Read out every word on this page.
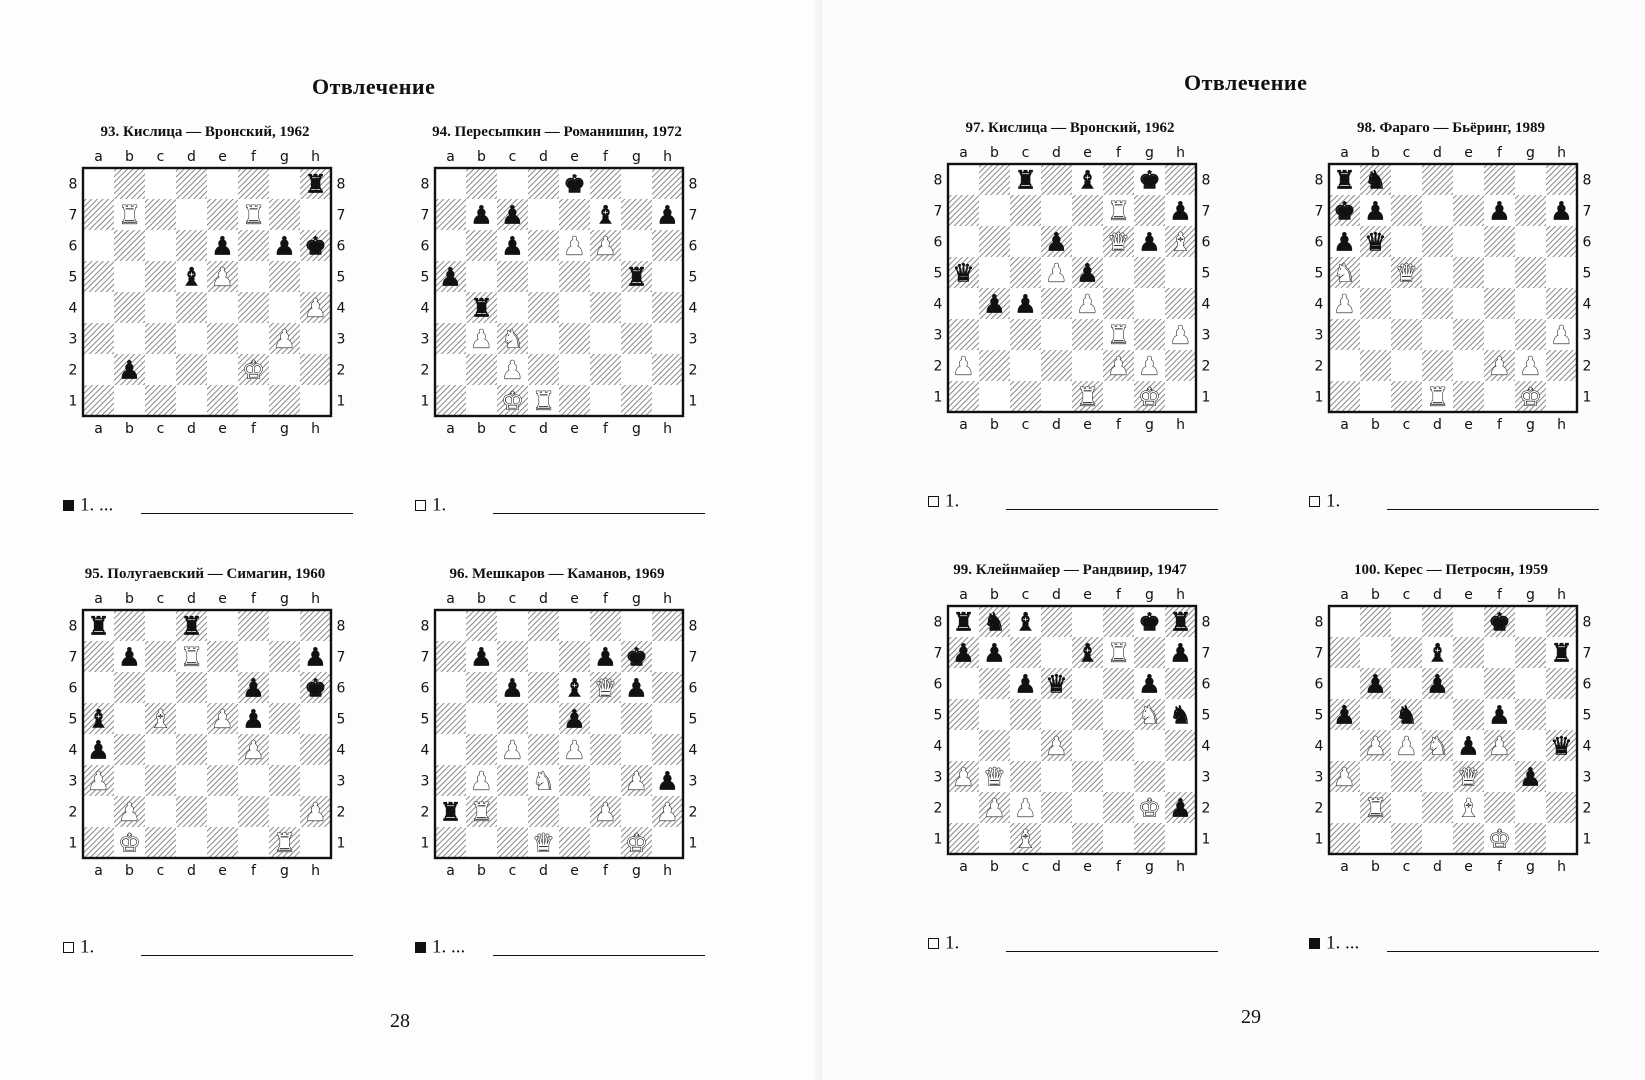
Отвлечение
93. Кислица — Вронский, 1962
a
a
b
b
c
c
d
d
e
e
f
f
g
g
h
h
8	8
7	7
6	6
5	5
4	4
3	3
2	2
1	1
♜	♜
♝ ♟
♟ ♟ ♚
♜
♟
♟
♟	♚
1. ...
94. Пересыпкин — Романишин, 1972
a
a
b
b
c
c
d
d
e
e
f
f
g
g
h
h
8	8
7	7
6	6
5	5
4	4
3	3
2	2
1	1
♚
♟ ♟	♝ ♟
♟ ♟ ♟
♟	♜
♜
♟ ♞
♟
♚ ♜
1.
95. Полугаевский — Симагин, 1960
a
a
b
b
c
c
d
d
e
e
f
f
g
g
h
h
8	8
7	7
6	6
5	5
4	4
3	3
2	2
1	1
♜	♜
♟ ♜	♟
♟ ♚
♝ ♝ ♟ ♟
♟	♟
♟
♟	♟
♚	♜
1.
96. Мешкаров — Каманов, 1969
a
a
b
b
c
c
d
d
e
e
f
f
g
g
h
h
8	8
7	7
6	6
5	5
4	4
3	3
2	2
1	1
♟	♟ ♚
♟ ♝ ♛ ♟
♟
♟ ♟
♟ ♞	♟ ♟
♜ ♜	♟ ♟
♛	♚
1. ...
28
Отвлечение
97. Кислица — Вронский, 1962
a
a
b
b
c
c
d
d
e
e
f
f
g
g
h
h
8	8
7	7
6	6
5	5
4	4
3	3
2	2
1	1
♜ ♝ ♚
♜ ♟
♟ ♛ ♟ ♝
♛	♟ ♟
♟ ♟ ♟
♜ ♟
♟	♟ ♟
♜ ♚
1.
98. Фараго — Бьёринг, 1989
a
a
b
b
c
c
d
d
e
e
f
f
g
g
h
h
8	8
7	7
6	6
5	5
4	4
3	3
2	2
1	1
♜ ♞
♚ ♟	♟ ♟
♟ ♛
♞ ♛
♟
♟
♟ ♟
♜	♚
1.
99. Клейнмайер — Рандвиир, 1947
a
a
b
b
c
c
d
d
e
e
f
f
g
g
h
h
8	8
7	7
6	6
5	5
4	4
3	3
2	2
1	1
♜ ♞ ♝	♚ ♜
♟ ♟	♝ ♜ ♟
♟ ♛	♟
♞ ♞
♟
♟ ♛
♟ ♟	♚ ♟
♝
1.
100. Керес — Петросян, 1959
a
a
b
b
c
c
d
d
e
e
f
f
g
g
h
h
8	8
7	7
6	6
5	5
4	4
3	3
2	2
1	1
♚
♝	♜
♟ ♟
♟ ♞	♟
♟ ♟ ♞ ♟ ♟ ♛
♟	♛ ♟
♜	♝
♚
1. ...
29
